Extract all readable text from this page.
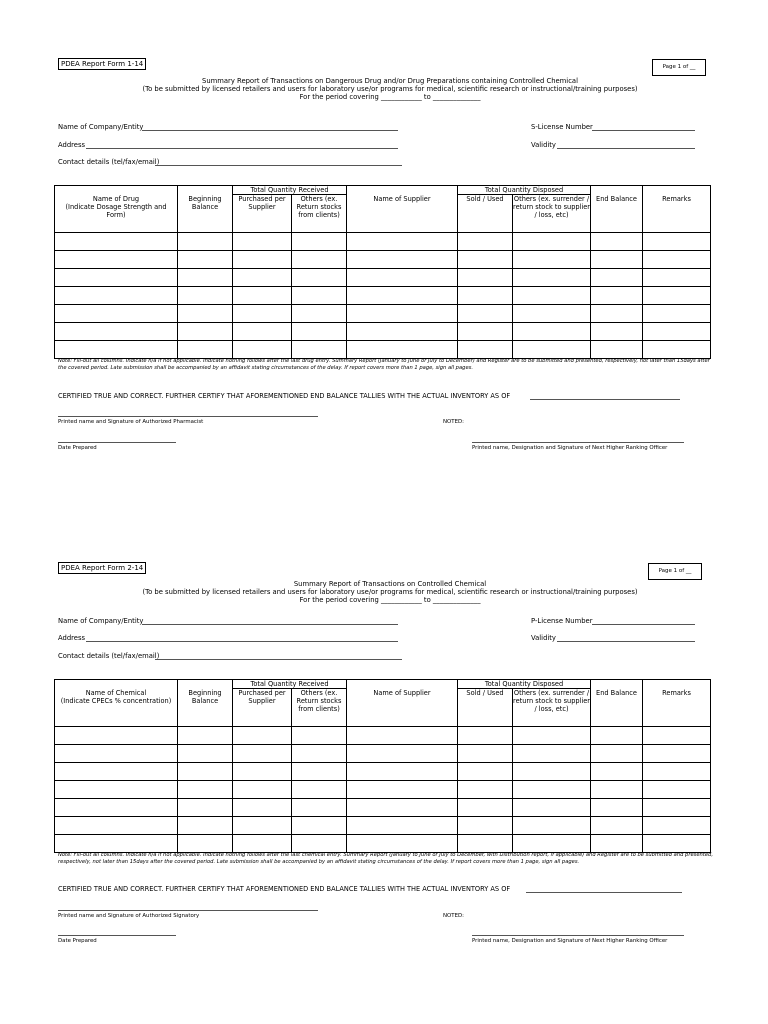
PDEA Report Form 1-14	Page 1 of __
Summary Report of Transactions on Dangerous Drug and/or Drug Preparations containing Controlled Chemical
(To be submitted by licensed retailers and users for laboratory use/or programs for medical, scientific research or instructional/training purposes)
For the period covering ____________ to ______________
Name of Company/Entity	S-License Number
Address	Validity
Contact details (tel/fax/email)
Name of Drug
(Indicate Dosage Strength and Form)	Beginning Balance	Total Quantity Received		Name of Supplier	Total Quantity Disposed		End Balance	Remarks
		Purchased per Supplier	Others (ex. Return stocks from clients)		Sold / Used	Others (ex. surrender / return stock to supplier / loss, etc)		

Note: Fill-out all columns. Indicate n/a if not applicable. Indicate nothing follows after the last drug entry. Summary Report (January to June or July to December) and Register are to be submitted and presented, respectively, not later than 15days after the covered period. Late submission shall be accompanied by an affidavit stating circumstances of the delay. If report covers more than 1 page, sign all pages.
CERTIFIED TRUE AND CORRECT. FURTHER CERTIFY THAT AFOREMENTIONED END BALANCE TALLIES WITH THE ACTUAL INVENTORY AS OF
Printed name and Signature of Authorized Pharmacist	NOTED:
Date Prepared	Printed name, Designation and Signature of Next Higher Ranking Officer
PDEA Report Form 2-14	Page 1 of __
Summary Report of Transactions on Controlled Chemical
(To be submitted by licensed retailers and users for laboratory use/or programs for medical, scientific research or instructional/training purposes)
For the period covering ____________ to ______________
Name of Company/Entity	P-License Number
Address	Validity
Contact details (tel/fax/email)
Name of Chemical
(Indicate CPECs % concentration)	Beginning Balance	Total Quantity Received		Name of Supplier	Total Quantity Disposed		End Balance	Remarks
		Purchased per Supplier	Others (ex. Return stocks from clients)		Sold / Used	Others (ex. surrender / return stock to supplier / loss, etc)		

Note: Fill-out all columns. Indicate n/a if not applicable. Indicate nothing follows after the last chemical entry. Summary Report (January to June or July to December, with Distribution report, if applicable) and Register are to be submitted and presented, respectively, not later than 15days after the covered period. Late submission shall be accompanied by an affidavit stating circumstances of the delay. If report covers more than 1 page, sign all pages.
CERTIFIED TRUE AND CORRECT. FURTHER CERTIFY THAT AFOREMENTIONED END BALANCE TALLIES WITH THE ACTUAL INVENTORY AS OF
Printed name and Signature of Authorized Signatory	NOTED:
Date Prepared	Printed name, Designation and Signature of Next Higher Ranking Officer
